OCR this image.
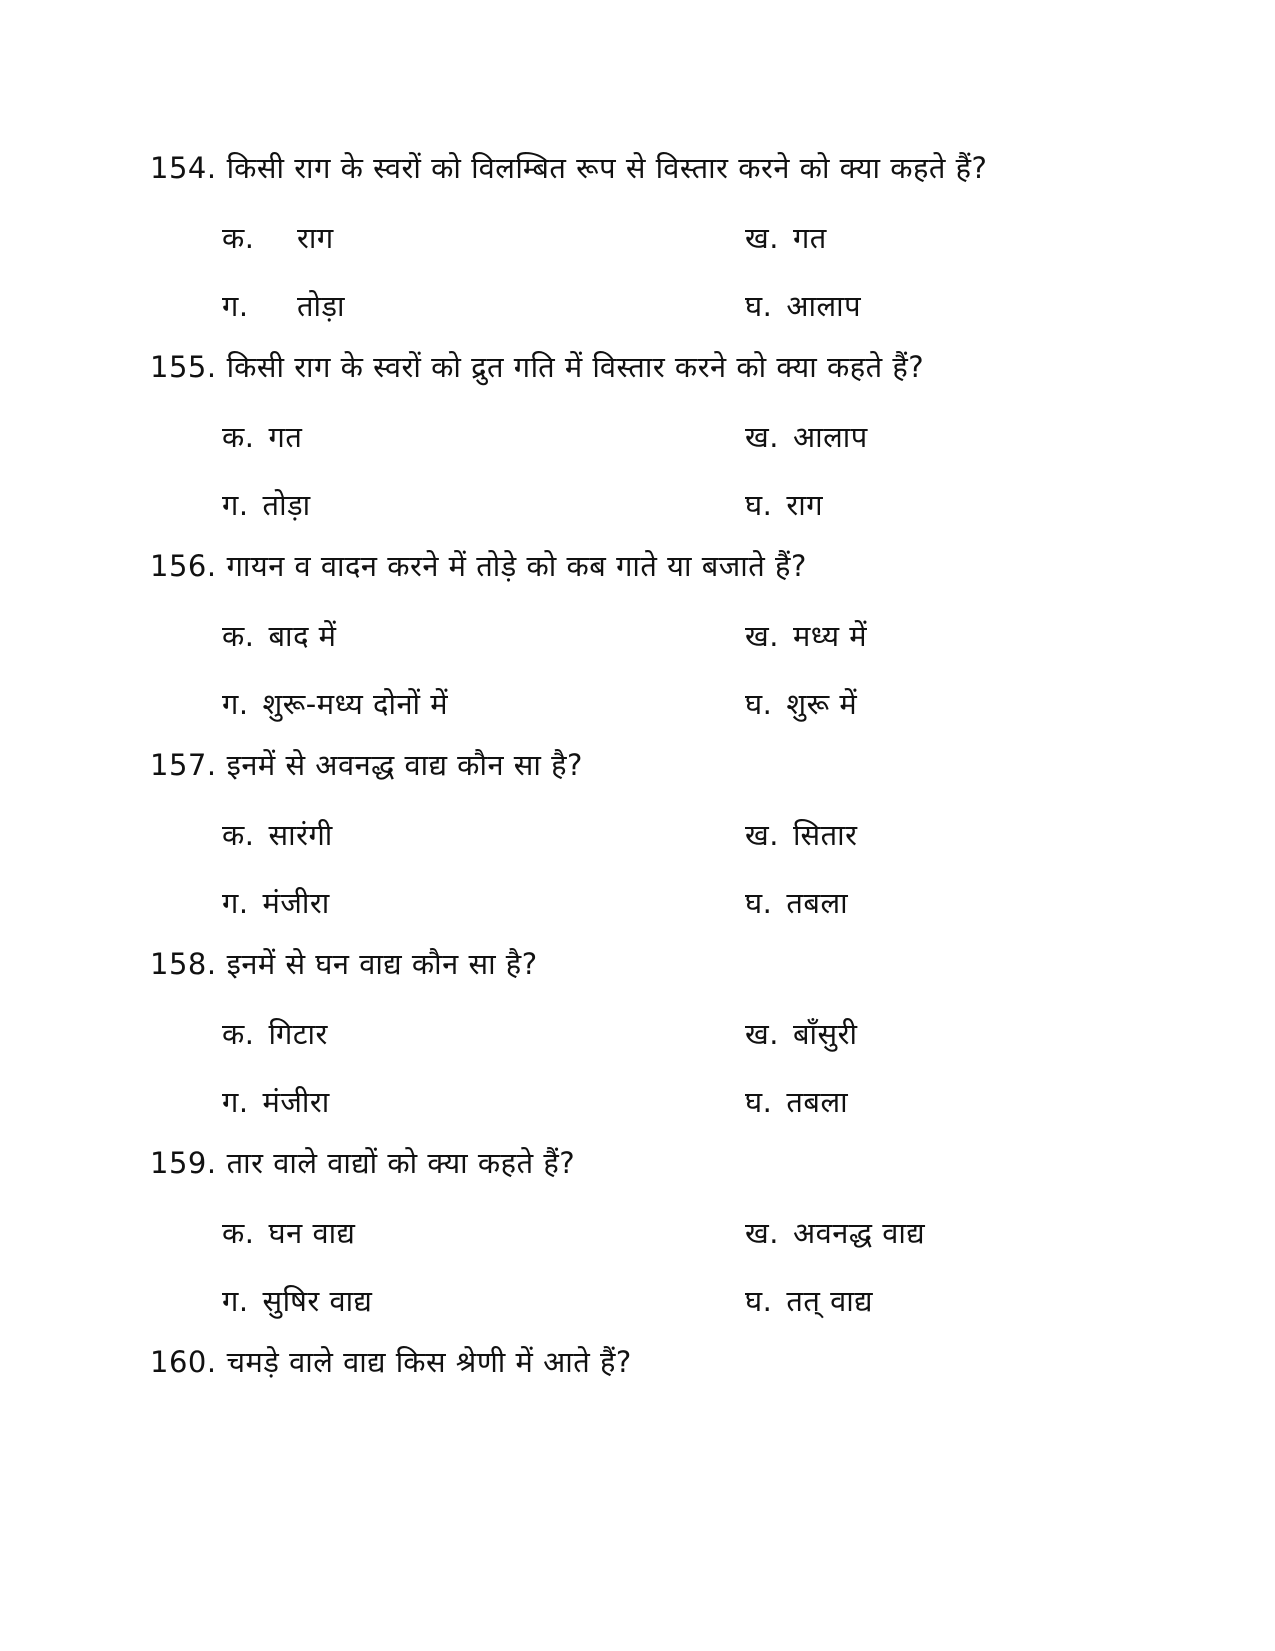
154. किसी राग के स्वरों को विलम्बित रूप से विस्तार करने को क्या कहते हैं?
क. राग	ख. गत
ग. तोड़ा	घ. आलाप
155. किसी राग के स्वरों को द्रुत गति में विस्तार करने को क्या कहते हैं?
क. गत	ख. आलाप
ग. तोड़ा	घ. राग
156. गायन व वादन करने में तोड़े को कब गाते या बजाते हैं?
क. बाद में	ख. मध्य में
ग. शुरू-मध्य दोनों में	घ. शुरू में
157. इनमें से अवनद्ध वाद्य कौन सा है?
क. सारंगी	ख. सितार
ग. मंजीरा	घ. तबला
158. इनमें से घन वाद्य कौन सा है?
क. गिटार	ख. बाँसुरी
ग. मंजीरा	घ. तबला
159. तार वाले वाद्यों को क्या कहते हैं?
क. घन वाद्य	ख. अवनद्ध वाद्य
ग. सुषिर वाद्य	घ. तत् वाद्य
160. चमड़े वाले वाद्य किस श्रेणी में आते हैं?
